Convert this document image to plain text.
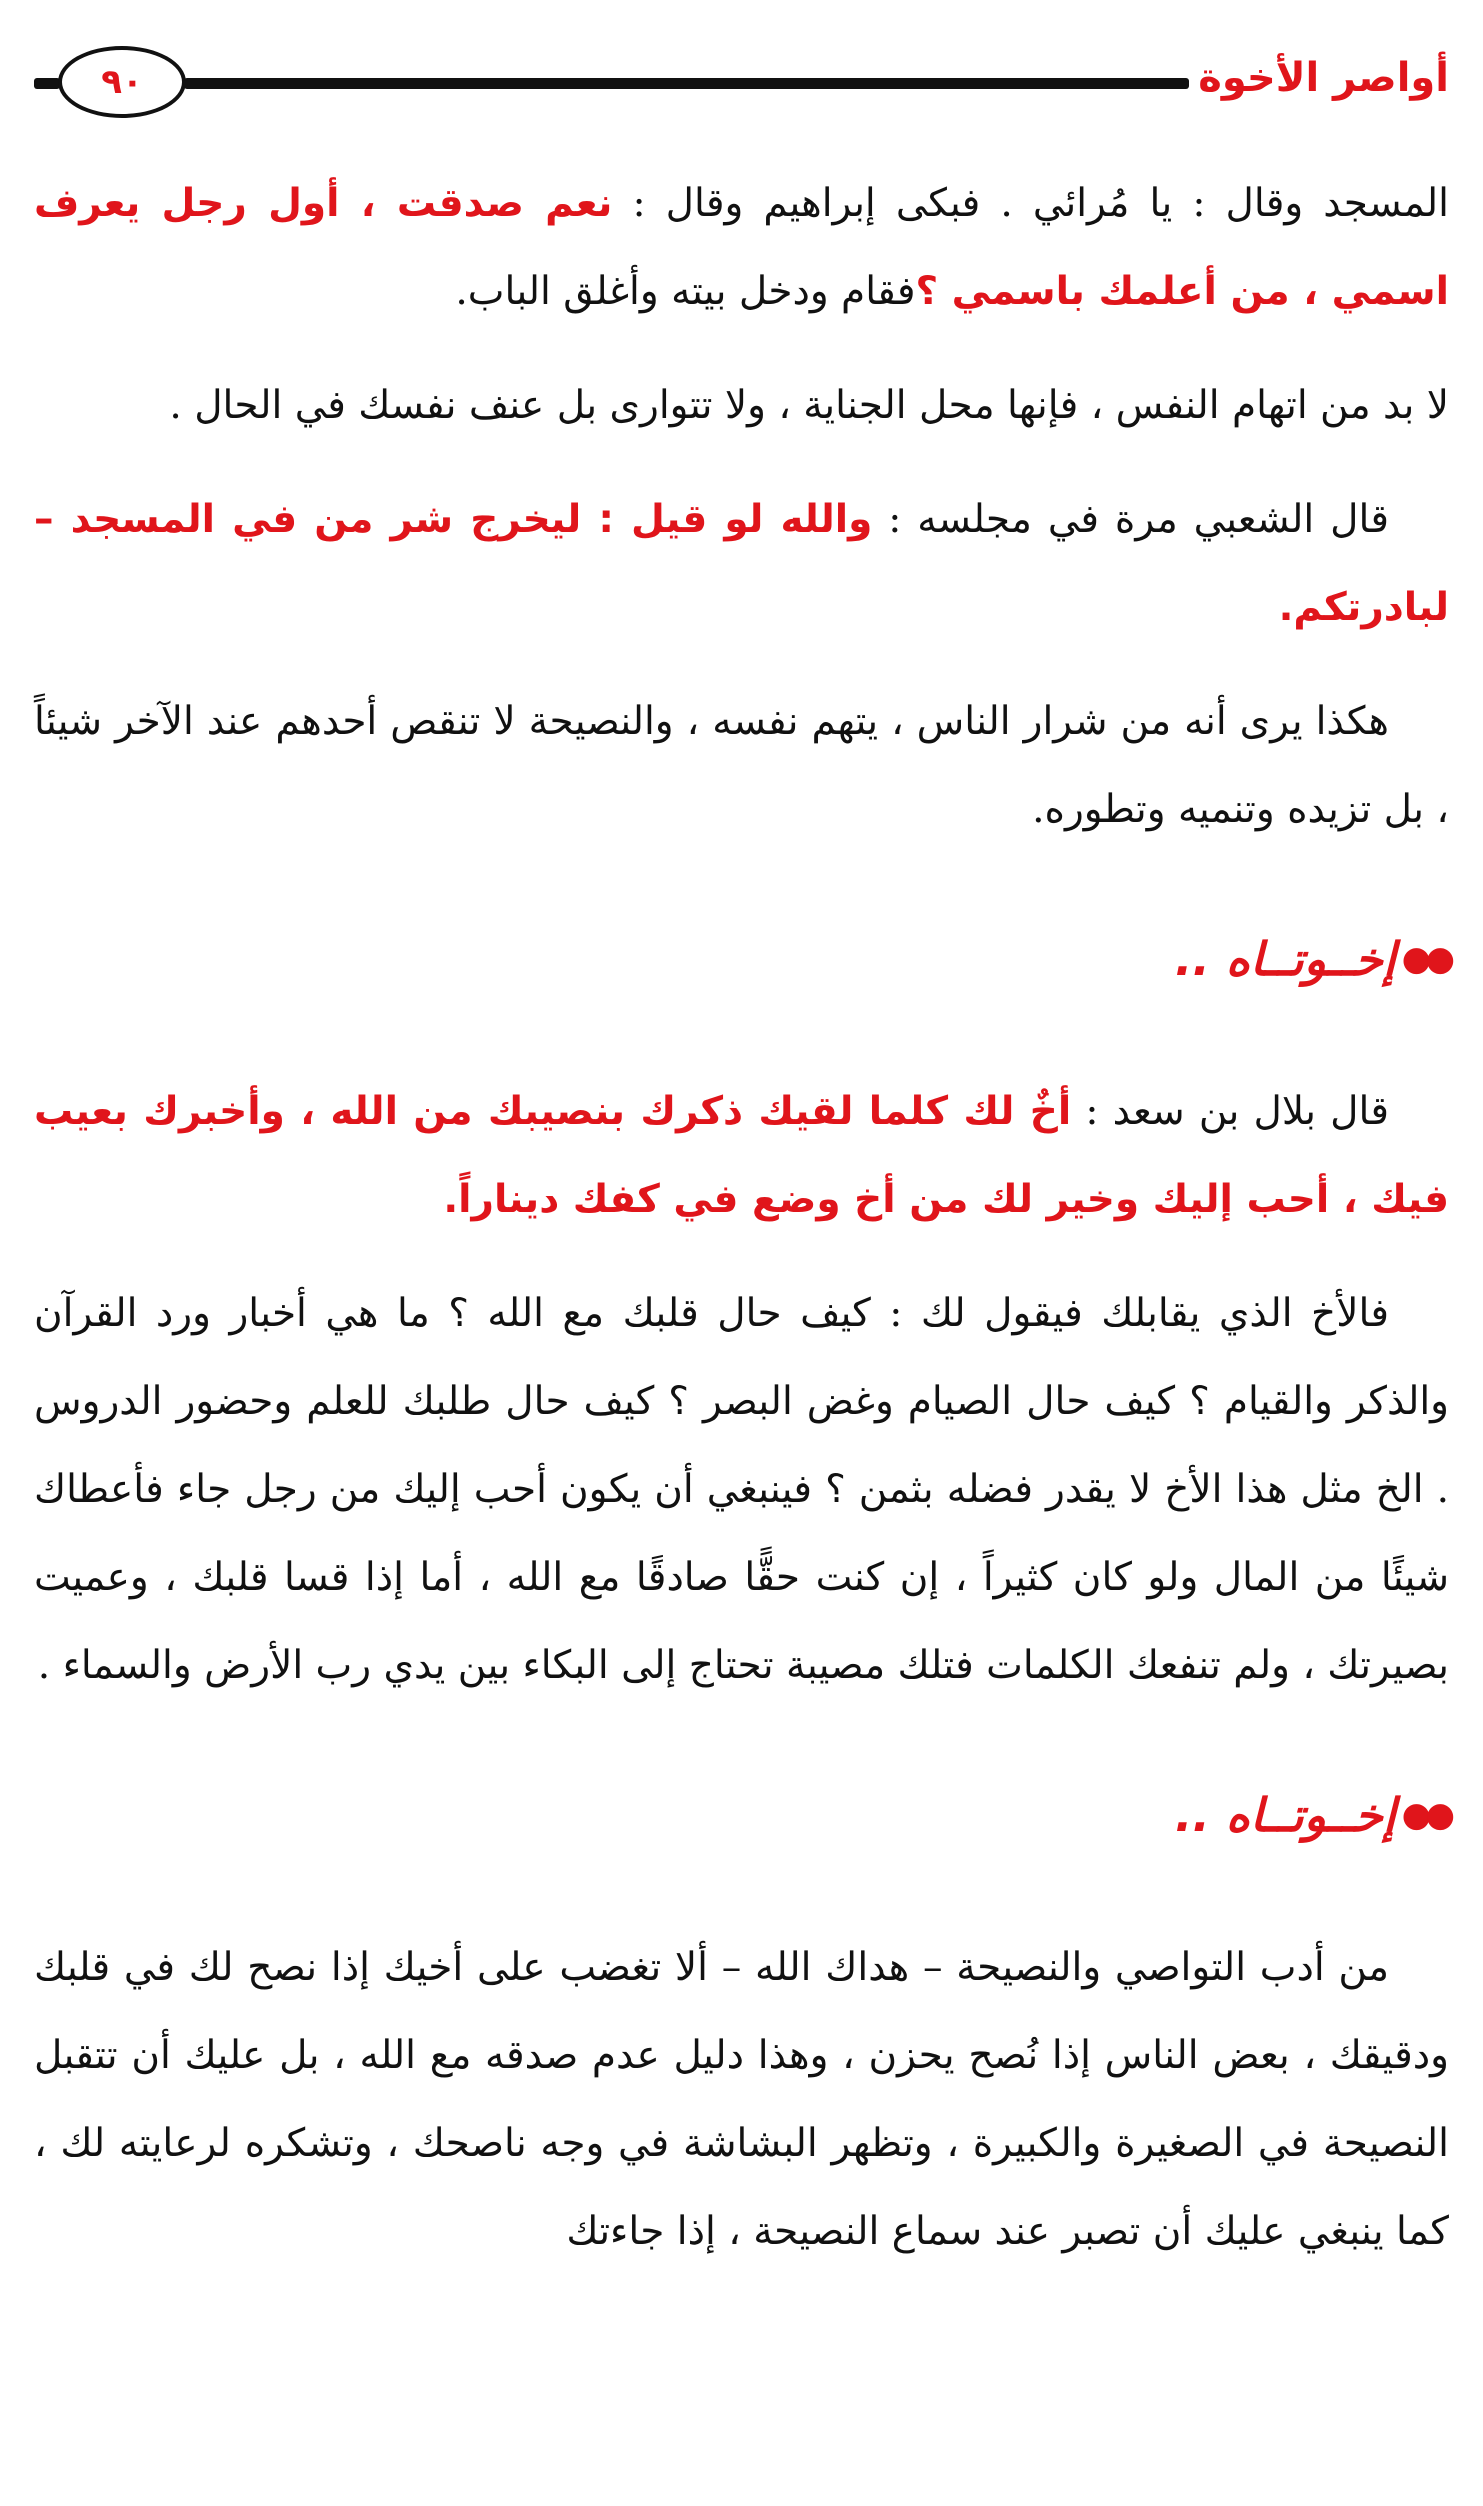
٩٠	أواصر الأخوة

المسجد وقال : يا مُرائي . فبكى إبراهيم وقال : نعم صدقت ، أول رجل يعرف اسمي ، من أعلمك باسمي ؟فقام ودخل بيته وأغلق الباب.

لا بد من اتهام النفس ، فإنها محل الجناية ، ولا تتوارى بل عنف نفسك في الحال .

قال الشعبي مرة في مجلسه : والله لو قيل : ليخرج شر من في المسجد – لبادرتكم.

هكذا يرى أنه من شرار الناس ، يتهم نفسه ، والنصيحة لا تنقص أحدهم عند الآخر شيئاً ، بل تزيده وتنميه وتطوره.

●●
إخــوتــاه ..

قال بلال بن سعد : أخٌ لك كلما لقيك ذكرك بنصيبك من الله ، وأخبرك بعيب فيك ، أحب إليك وخير لك من أخ وضع في كفك ديناراً.

فالأخ الذي يقابلك فيقول لك : كيف حال قلبك مع الله ؟ ما هي أخبار ورد القرآن والذكر والقيام ؟ كيف حال الصيام وغض البصر ؟ كيف حال طلبك للعلم وحضور الدروس . الخ مثل هذا الأخ لا يقدر فضله بثمن ؟ فينبغي أن يكون أحب إليك من رجل جاء فأعطاك شيئًا من المال ولو كان كثيراً ، إن كنت حقًّا صادقًا مع الله ، أما إذا قسا قلبك ، وعميت بصيرتك ، ولم تنفعك الكلمات فتلك مصيبة تحتاج إلى البكاء بين يدي رب الأرض والسماء .

●●
إخــوتــاه ..

من أدب التواصي والنصيحة – هداك الله – ألا تغضب على أخيك إذا نصح لك في قلبك ودقيقك ، بعض الناس إذا نُصح يحزن ، وهذا دليل عدم صدقه مع الله ، بل عليك أن تتقبل النصيحة في الصغيرة والكبيرة ، وتظهر البشاشة في وجه ناصحك ، وتشكره لرعايته لك ، كما ينبغي عليك أن تصبر عند سماع النصيحة ، إذا جاءتك
